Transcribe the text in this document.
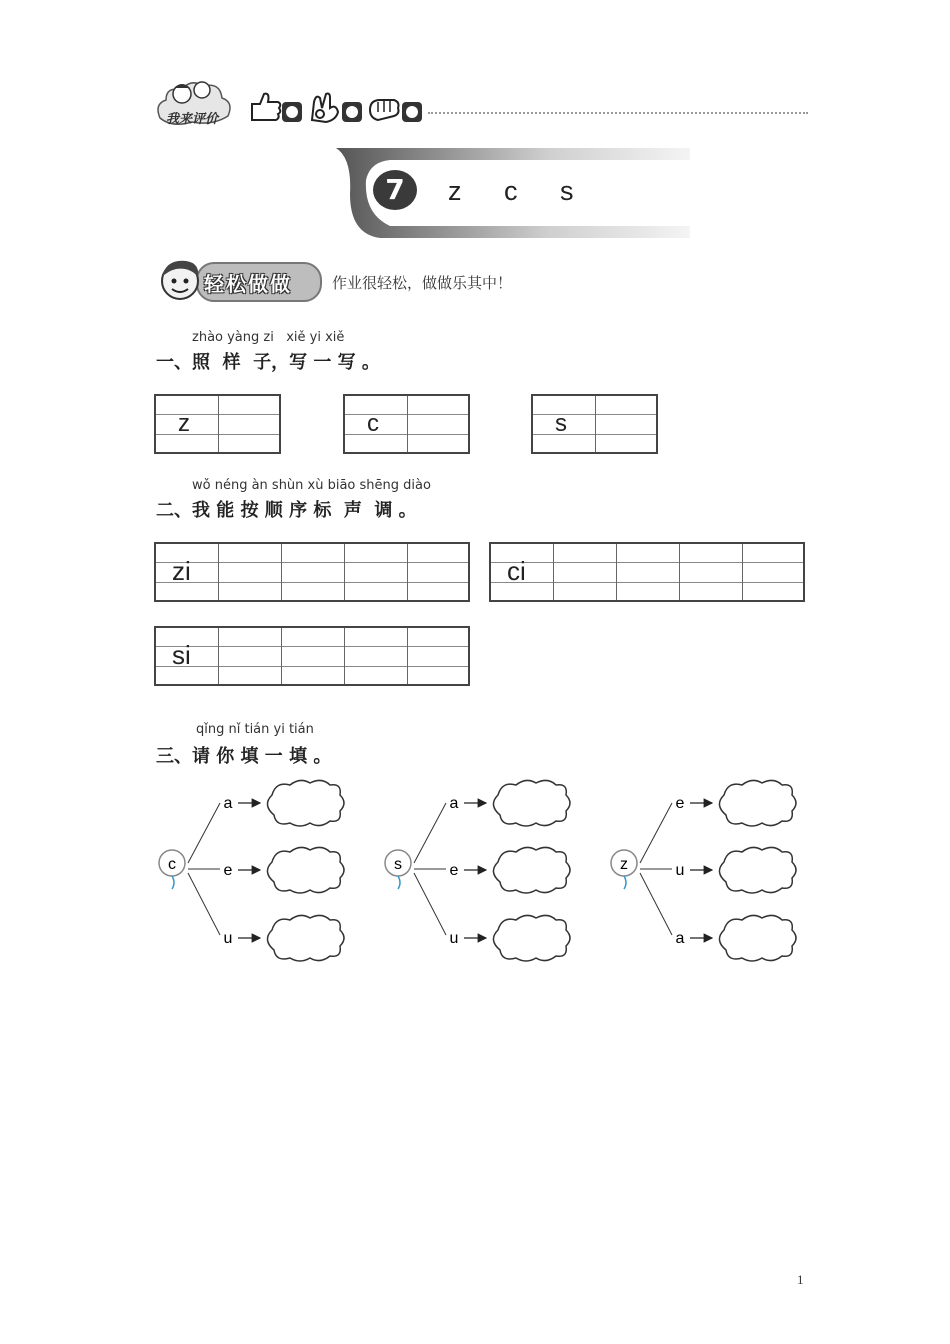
我来评价
7	z c s
轻松做做	作业很轻松，做做乐其中！
zhào yàng zi   xiě yi xiě
一、照  样  子，写 一 写 。
z	c	s
wǒ néng àn shùn xù biāo shēng diào
二、我 能 按 顺 序 标  声  调 。
zi	ci
si
qǐng nǐ tián yi tián
三、请 你 填 一 填 。
c
a
e
u
s
a
e
u
z
e
u
a
1
